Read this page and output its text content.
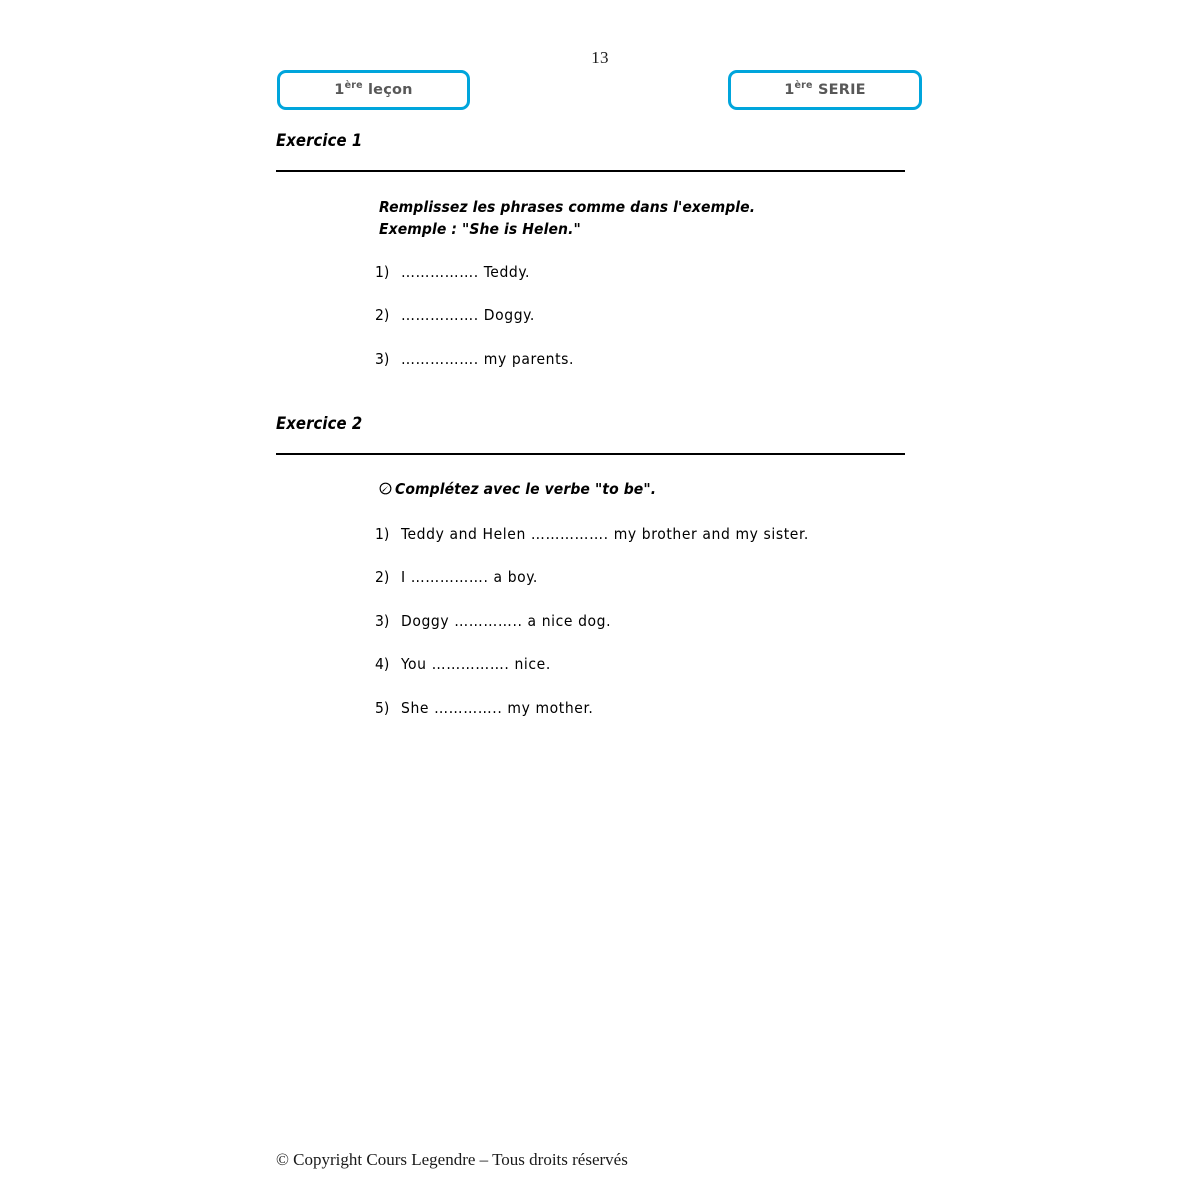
13
1ère leçon	1ère SERIE
Exercice 1
Remplissez les phrases comme dans l'exemple.
Exemple : "She is Helen."
1) ……………. Teddy.
2) ……………. Doggy.
3) ……………. my parents.
Exercice 2
Complétez avec le verbe "to be".
1) Teddy and Helen ……………. my brother and my sister.
2) I ……………. a boy.
3) Doggy ………….. a nice dog.
4) You ……………. nice.
5) She ………….. my mother.
© Copyright Cours Legendre – Tous droits réservés
